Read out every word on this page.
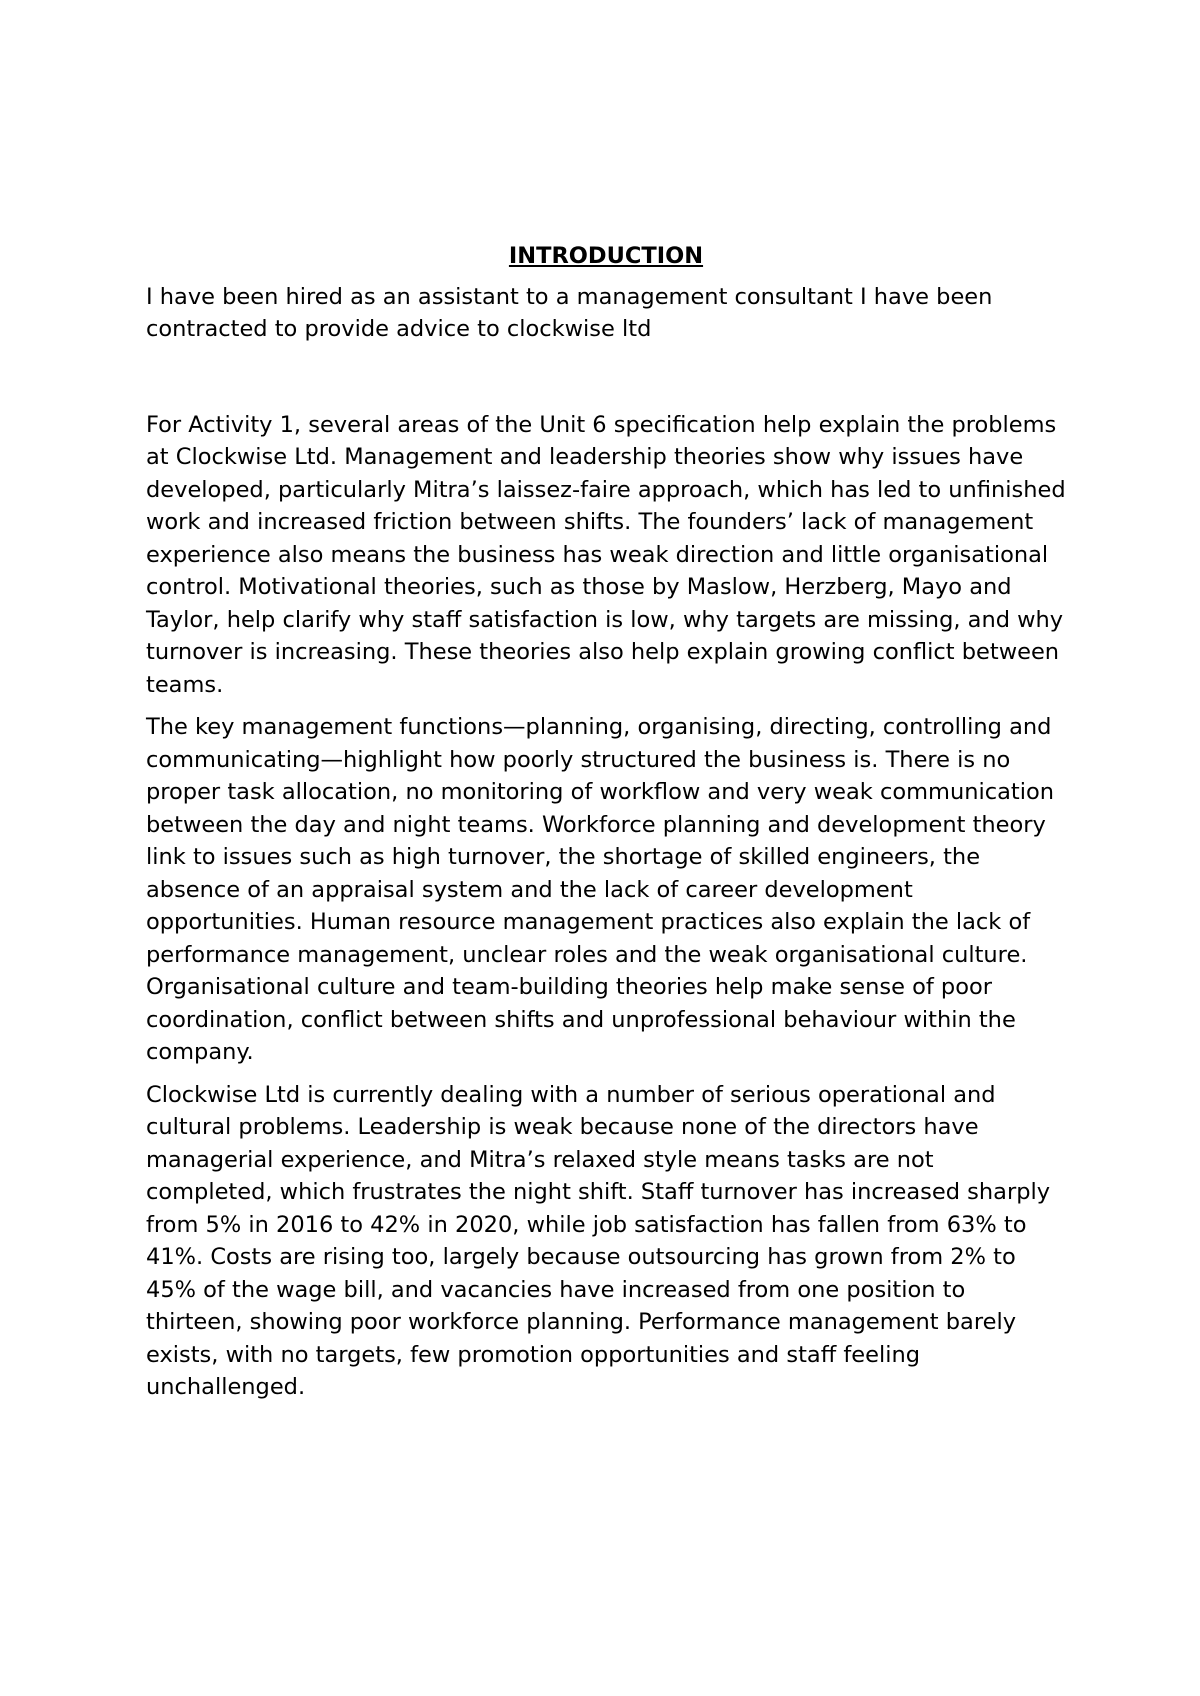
INTRODUCTION

I have been hired as an assistant to a management consultant I have been contracted to provide advice to clockwise ltd

For Activity 1, several areas of the Unit 6 specification help explain the problems at Clockwise Ltd. Management and leadership theories show why issues have developed, particularly Mitra’s laissez-faire approach, which has led to unfinished work and increased friction between shifts. The founders’ lack of management experience also means the business has weak direction and little organisational control. Motivational theories, such as those by Maslow, Herzberg, Mayo and Taylor, help clarify why staff satisfaction is low, why targets are missing, and why turnover is increasing. These theories also help explain growing conflict between teams.

The key management functions—planning, organising, directing, controlling and communicating—highlight how poorly structured the business is. There is no proper task allocation, no monitoring of workflow and very weak communication between the day and night teams. Workforce planning and development theory link to issues such as high turnover, the shortage of skilled engineers, the absence of an appraisal system and the lack of career development opportunities. Human resource management practices also explain the lack of performance management, unclear roles and the weak organisational culture. Organisational culture and team-building theories help make sense of poor coordination, conflict between shifts and unprofessional behaviour within the company.

Clockwise Ltd is currently dealing with a number of serious operational and cultural problems. Leadership is weak because none of the directors have managerial experience, and Mitra’s relaxed style means tasks are not completed, which frustrates the night shift. Staff turnover has increased sharply from 5% in 2016 to 42% in 2020, while job satisfaction has fallen from 63% to 41%. Costs are rising too, largely because outsourcing has grown from 2% to 45% of the wage bill, and vacancies have increased from one position to thirteen, showing poor workforce planning. Performance management barely exists, with no targets, few promotion opportunities and staff feeling unchallenged.
